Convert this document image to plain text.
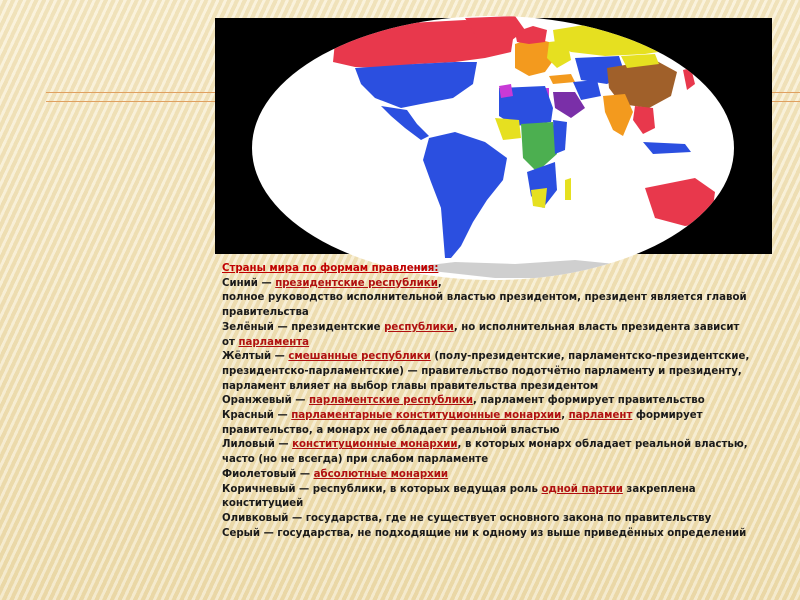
Страны мира по формам правления:
Синий — президентские республики,
полное руководство исполнительной властью президентом, президент является главой
правительства
Зелёный — президентские республики, но исполнительная власть президента зависит
от парламента
Жёлтый — смешанные республики (полу-президентские, парламентско-президентские,
президентско-парламентские) — правительство подотчётно парламенту и президенту,
парламент влияет на выбор главы правительства президентом
Оранжевый — парламентские республики, парламент формирует правительство
Красный — парламентарные конституционные монархии, парламент формирует
правительство, а монарх не обладает реальной властью
Лиловый — конституционные монархии, в которых монарх обладает реальной властью,
часто (но не всегда) при слабом парламенте
Фиолетовый — абсолютные монархии
Коричневый — республики, в которых ведущая роль одной партии закреплена
конституцией
Оливковый — государства, где не существует основного закона по правительству
Серый — государства, не подходящие ни к одному из выше приведённых определений
